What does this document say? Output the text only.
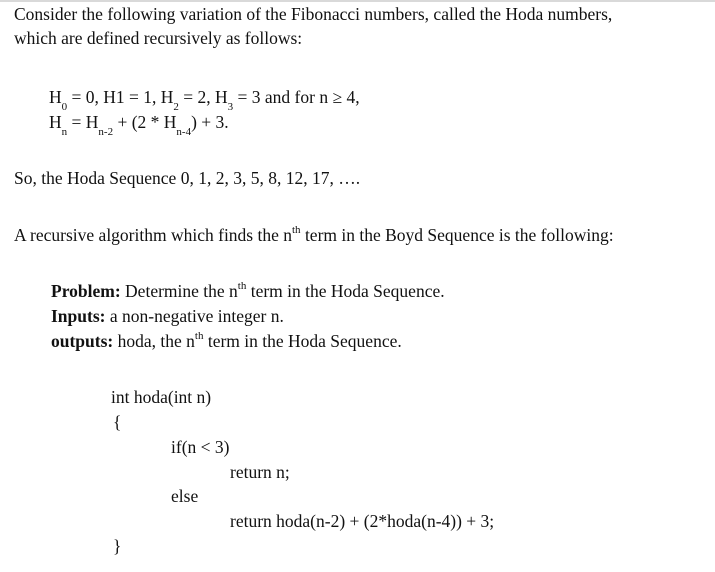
Consider the following variation of the Fibonacci numbers, called the Hoda numbers,
which are defined recursively as follows:
$H_0 = 0$, H1 = 1, $H_2 = 2$, $H_3 = 3$ and for n ≥ 4,
$H_n = H_{n-2} + (2 * H_{n-4}) + 3$.
So, the Hoda Sequence 0, 1, 2, 3, 5, 8, 12, 17, ….
A recursive algorithm which finds the $n^{th}$ term in the Boyd Sequence is the following:
Problem: Determine the $n^{th}$ term in the Hoda Sequence.
Inputs: a non-negative integer n.
outputs: hoda, the $n^{th}$ term in the Hoda Sequence.
int hoda(int n)
{
if(n < 3)
return n;
else
return hoda(n-2) + (2*hoda(n-4)) + 3;
}
